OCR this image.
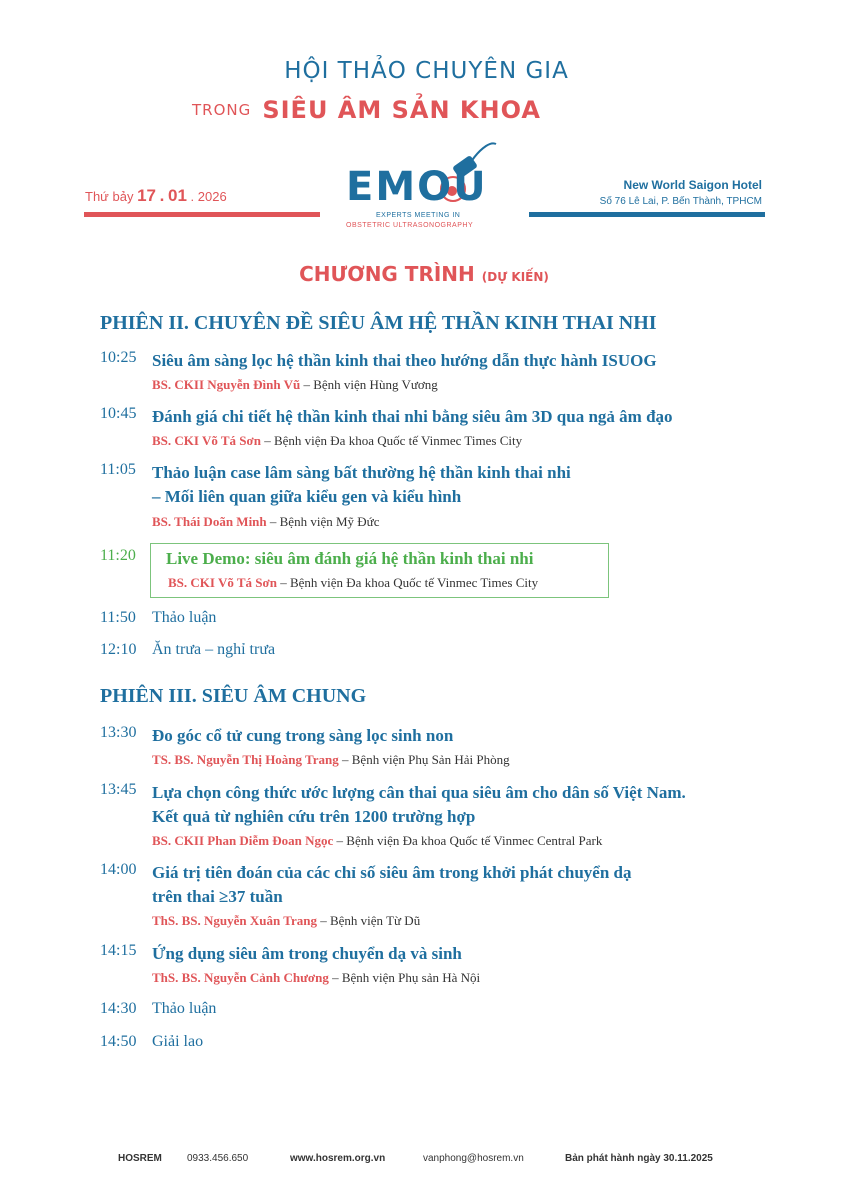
HỘI THẢO CHUYÊN GIA
TRONG SIÊU ÂM SẢN KHOA
Thứ bảy 17 . 01 . 2026
New World Saigon Hotel
Số 76 Lê Lai, P. Bến Thành, TPHCM
EMOU
EXPERTS MEETING IN
OBSTETRIC ULTRASONOGRAPHY
CHƯƠNG TRÌNH (DỰ KIẾN)
PHIÊN II. CHUYÊN ĐỀ SIÊU ÂM HỆ THẦN KINH THAI NHI
10:25 Siêu âm sàng lọc hệ thần kinh thai theo hướng dẫn thực hành ISUOG
BS. CKII Nguyễn Đình Vũ – Bệnh viện Hùng Vương
10:45 Đánh giá chi tiết hệ thần kinh thai nhi bằng siêu âm 3D qua ngả âm đạo
BS. CKI Võ Tá Sơn – Bệnh viện Đa khoa Quốc tế Vinmec Times City
11:05 Thảo luận case lâm sàng bất thường hệ thần kinh thai nhi
– Mối liên quan giữa kiểu gen và kiểu hình
BS. Thái Doãn Minh – Bệnh viện Mỹ Đức
11:20 Live Demo: siêu âm đánh giá hệ thần kinh thai nhi
BS. CKI Võ Tá Sơn – Bệnh viện Đa khoa Quốc tế Vinmec Times City
11:50 Thảo luận
12:10 Ăn trưa – nghỉ trưa
PHIÊN III. SIÊU ÂM CHUNG
13:30 Đo góc cổ tử cung trong sàng lọc sinh non
TS. BS. Nguyễn Thị Hoàng Trang – Bệnh viện Phụ Sản Hải Phòng
13:45 Lựa chọn công thức ước lượng cân thai qua siêu âm cho dân số Việt Nam.
Kết quả từ nghiên cứu trên 1200 trường hợp
BS. CKII Phan Diễm Đoan Ngọc – Bệnh viện Đa khoa Quốc tế Vinmec Central Park
14:00 Giá trị tiên đoán của các chỉ số siêu âm trong khởi phát chuyển dạ
trên thai ≥37 tuần
ThS. BS. Nguyễn Xuân Trang – Bệnh viện Từ Dũ
14:15 Ứng dụng siêu âm trong chuyển dạ và sinh
ThS. BS. Nguyễn Cảnh Chương – Bệnh viện Phụ sản Hà Nội
14:30 Thảo luận
14:50 Giải lao
HOSREM	0933.456.650	www.hosrem.org.vn	vanphong@hosrem.vn	Bản phát hành ngày 30.11.2025
